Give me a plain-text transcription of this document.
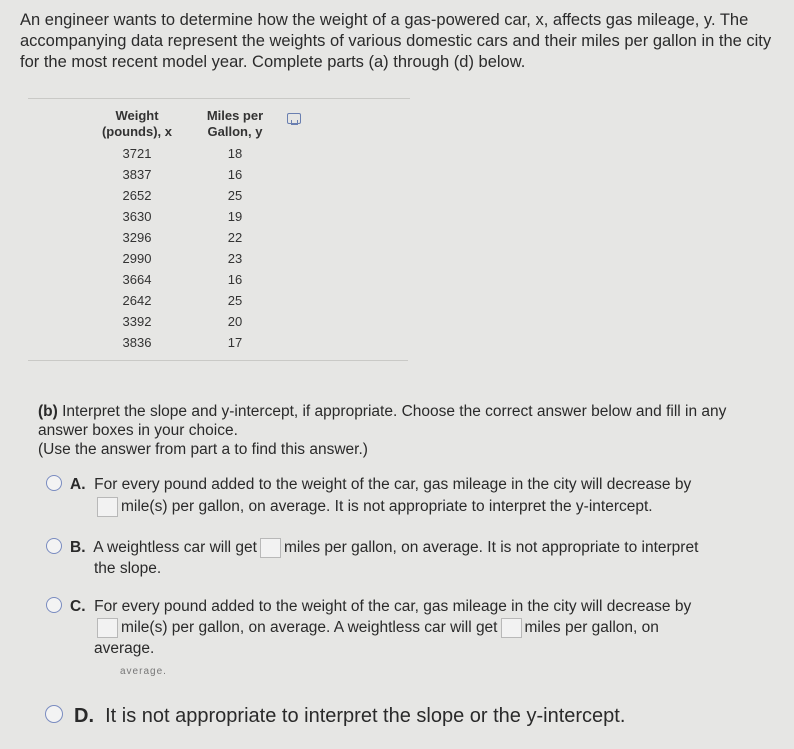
An engineer wants to determine how the weight of a gas-powered car, x, affects gas mileage, y. The accompanying data represent the weights of various domestic cars and their miles per gallon in the city for the most recent model year. Complete parts (a) through (d) below.
Weight
(pounds), x
3721
3837
2652
3630
3296
2990
3664
2642
3392
3836
Miles per
Gallon, y
18
16
25
19
22
23
16
25
20
17
(b) Interpret the slope and y-intercept, if appropriate. Choose the correct answer below and fill in any answer boxes in your choice.
(Use the answer from part a to find this answer.)
A. For every pound added to the weight of the car, gas mileage in the city will decrease by
mile(s) per gallon, on average. It is not appropriate to interpret the y-intercept.
B. A weightless car will get miles per gallon, on average. It is not appropriate to interpret
the slope.
C. For every pound added to the weight of the car, gas mileage in the city will decrease by
mile(s) per gallon, on average. A weightless car will get miles per gallon, on
average.
average.
D. It is not appropriate to interpret the slope or the y-intercept.
